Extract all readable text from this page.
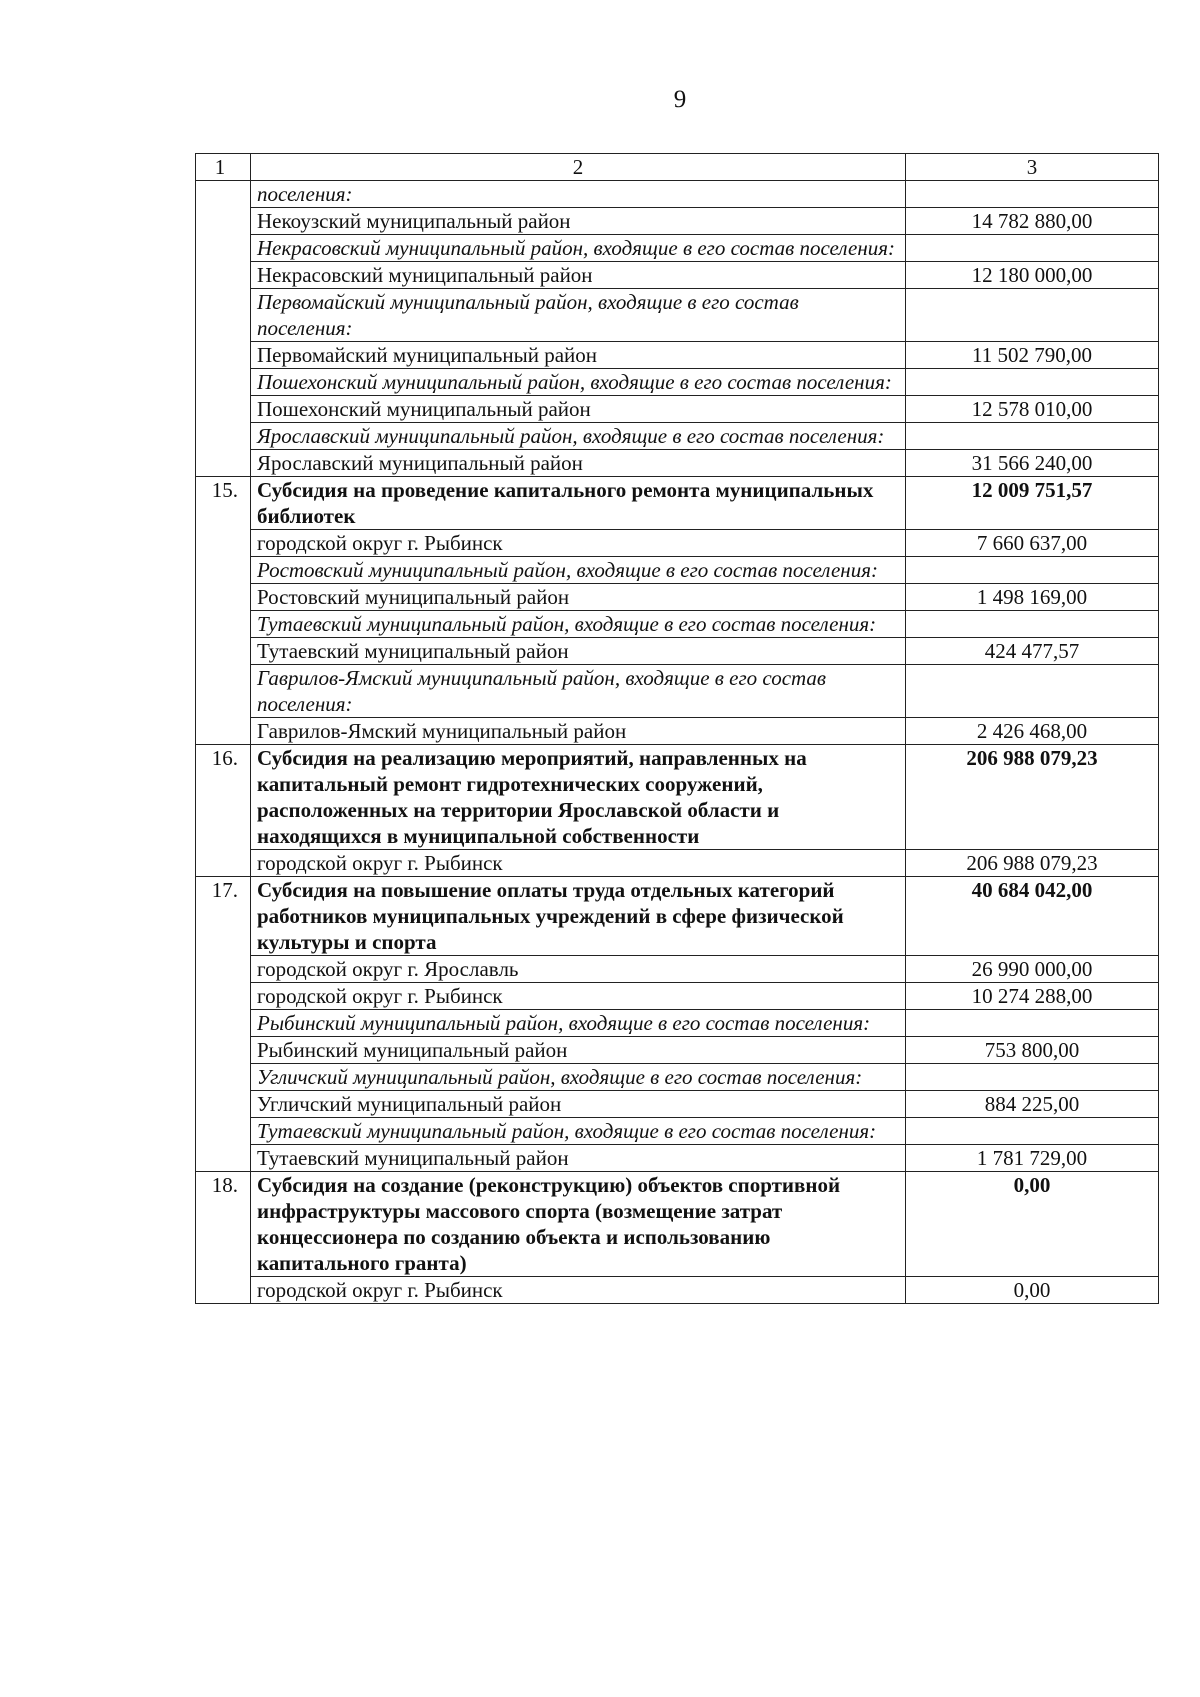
9
1	2	3
	поселения:	
	Некоузский муниципальный район	14 782 880,00
	Некрасовский муниципальный район, входящие в его состав поселения:	
	Некрасовский муниципальный район	12 180 000,00
	Первомайский муниципальный район, входящие в его состав поселения:	
	Первомайский муниципальный район	11 502 790,00
	Пошехонский муниципальный район, входящие в его состав поселения:	
	Пошехонский муниципальный район	12 578 010,00
	Ярославский муниципальный район, входящие в его состав поселения:	
	Ярославский муниципальный район	31 566 240,00
15.	Субсидия на проведение капитального ремонта муниципальных библиотек	12 009 751,57
	городской округ г. Рыбинск	7 660 637,00
	Ростовский муниципальный район, входящие в его состав поселения:	
	Ростовский муниципальный район	1 498 169,00
	Тутаевский муниципальный район, входящие в его состав поселения:	
	Тутаевский муниципальный район	424 477,57
	Гаврилов-Ямский муниципальный район, входящие в его состав поселения:	
	Гаврилов-Ямский муниципальный район	2 426 468,00
16.	Субсидия на реализацию мероприятий, направленных на капитальный ремонт гидротехнических сооружений, расположенных на территории Ярославской области и находящихся в муниципальной собственности	206 988 079,23
	городской округ г. Рыбинск	206 988 079,23
17.	Субсидия на повышение оплаты труда отдельных категорий работников муниципальных учреждений в сфере физической культуры и спорта	40 684 042,00
	городской округ г. Ярославль	26 990 000,00
	городской округ г. Рыбинск	10 274 288,00
	Рыбинский муниципальный район, входящие в его состав поселения:	
	Рыбинский муниципальный район	753 800,00
	Угличский муниципальный район, входящие в его состав поселения:	
	Угличский муниципальный район	884 225,00
	Тутаевский муниципальный район, входящие в его состав поселения:	
	Тутаевский муниципальный район	1 781 729,00
18.	Субсидия на создание (реконструкцию) объектов спортивной инфраструктуры массового спорта (возмещение затрат концессионера по созданию объекта и использованию капитального гранта)	0,00
	городской округ г. Рыбинск	0,00
